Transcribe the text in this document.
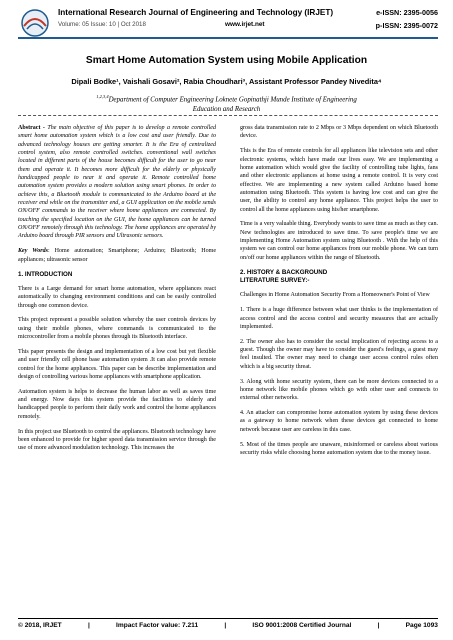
International Research Journal of Engineering and Technology (IRJET)	e-ISSN: 2395-0056
Volume: 05 Issue: 10 | Oct 2018	www.irjet.net	p-ISSN: 2395-0072
Smart Home Automation System using Mobile Application
Dipali Bodke¹, Vaishali Gosavi², Rabia Choudhari³, Assistant Professor Pandey Nivedita⁴
$^{1,2,3,4}$Department of Computer Engineering Loknete Gopinathji Munde Institute of Engineering
Education and Research

Abstract - The main objective of this paper is to develop a remote controlled smart home automation system which is a low cost and user friendly. Due to advanced technology houses are getting smarter. It is the Era of centralized control system, also remote controlled switches. conventional wall switches located in different parts of the house becomes difficult for the user to go near them and operate it. It becomes more difficult for the elderly or physically handicapped people to near it and operate it. Remote controlled home automation system provides a modern solution using smart phones. In order to achieve this, a Bluetooth module is communicated to the Arduino board at the receiver end while on the transmitter end, a GUI application on the mobile sends ON/OFF commands to the receiver where home appliances are connected. By touching the specified location on the GUI, the home appliances can be turned ON/OFF remotely through this technology. The home appliances are operated by Arduino board through PIR sensors and Ultrasonic sensors.

Key Words: Home automation; Smartphone; Arduino; Bluetooth; Home appliances; ultrasonic sensor

1. INTRODUCTION

There is a Large demand for smart home automation, where appliances react automatically to changing environment conditions and can be easily controlled through one common device.

This project represent a possible solution whereby the user controls devices by using their mobile phones, where commands is communicated to the microcontroller from a mobile phones through its Bluetooth interface.

This paper presents the design and implementation of a low cost but yet flexible and user friendly cell phone base automation system .It can also provide remote control for the home appliances. This paper can be describe implementation and design of controlling various home appliances with smartphone application.

Automation system is helps to decrease the human labor as well as saves time and energy. Now days this system provide the facilities to elderly and handicapped people to perform their daily work and control the home appliances remotely.

In this project use Bluetooth to control the appliances. Bluetooth technology have been enhanced to provide for higher speed data transmission service through the use of more advanced modulation technology. This increases the

gross data transmission rate to 2 Mbps or 3 Mbps dependent on which Bluetooth device.

This is the Era of remote controls for all appliances like television sets and other electronic systems, which have made our lives easy. We are implementing a home automation which would give the facility of controlling tube lights, fans and other electronic appliances at home using a remote control. It is very cost effective. We are implementing a new system called Arduino based home automation using Bluetooth. This system is having low cost and can give the user, the ability to control any home appliance. This project helps the user to control all the home appliances using his/her smartphone.

Time is a very valuable thing. Everybody wants to save time as much as they can. New technologies are introduced to save time. To save people's time we are implementing Home Automation system using Bluetooth . With the help of this system we can control our home appliances from our mobile phone. We can turn on/off our home appliances within the range of Bluetooth.

2. HISTORY & BACKGROUND
LITERATURE SURVEY:-

Challenges in Home Automation Security From a Homeowner's Point of View

1. There is a huge difference between what user thinks is the implementation of access control and the access control and security measures that are actually implemented.

2. The owner also has to consider the social implication of rejecting access to a guest. Though the owner may have to consider the guest's feelings, a guest may feel insulted. The owner may need to change user access control rules often which is a big security threat.

3. Along with home security system, there can be more devices connected to a home network like mobile phones which go with other user and connects to external other networks.

4. An attacker can compromise home automation system by using these devices as a gateway to home network when these devices get connected to home network because user are careless in this case.

5. Most of the times people are unaware, misinformed or careless about various security risks while choosing home automation system due to the money issue.

© 2018, IRJET	|	Impact Factor value: 7.211	|	ISO 9001:2008 Certified Journal	|	Page 1093
